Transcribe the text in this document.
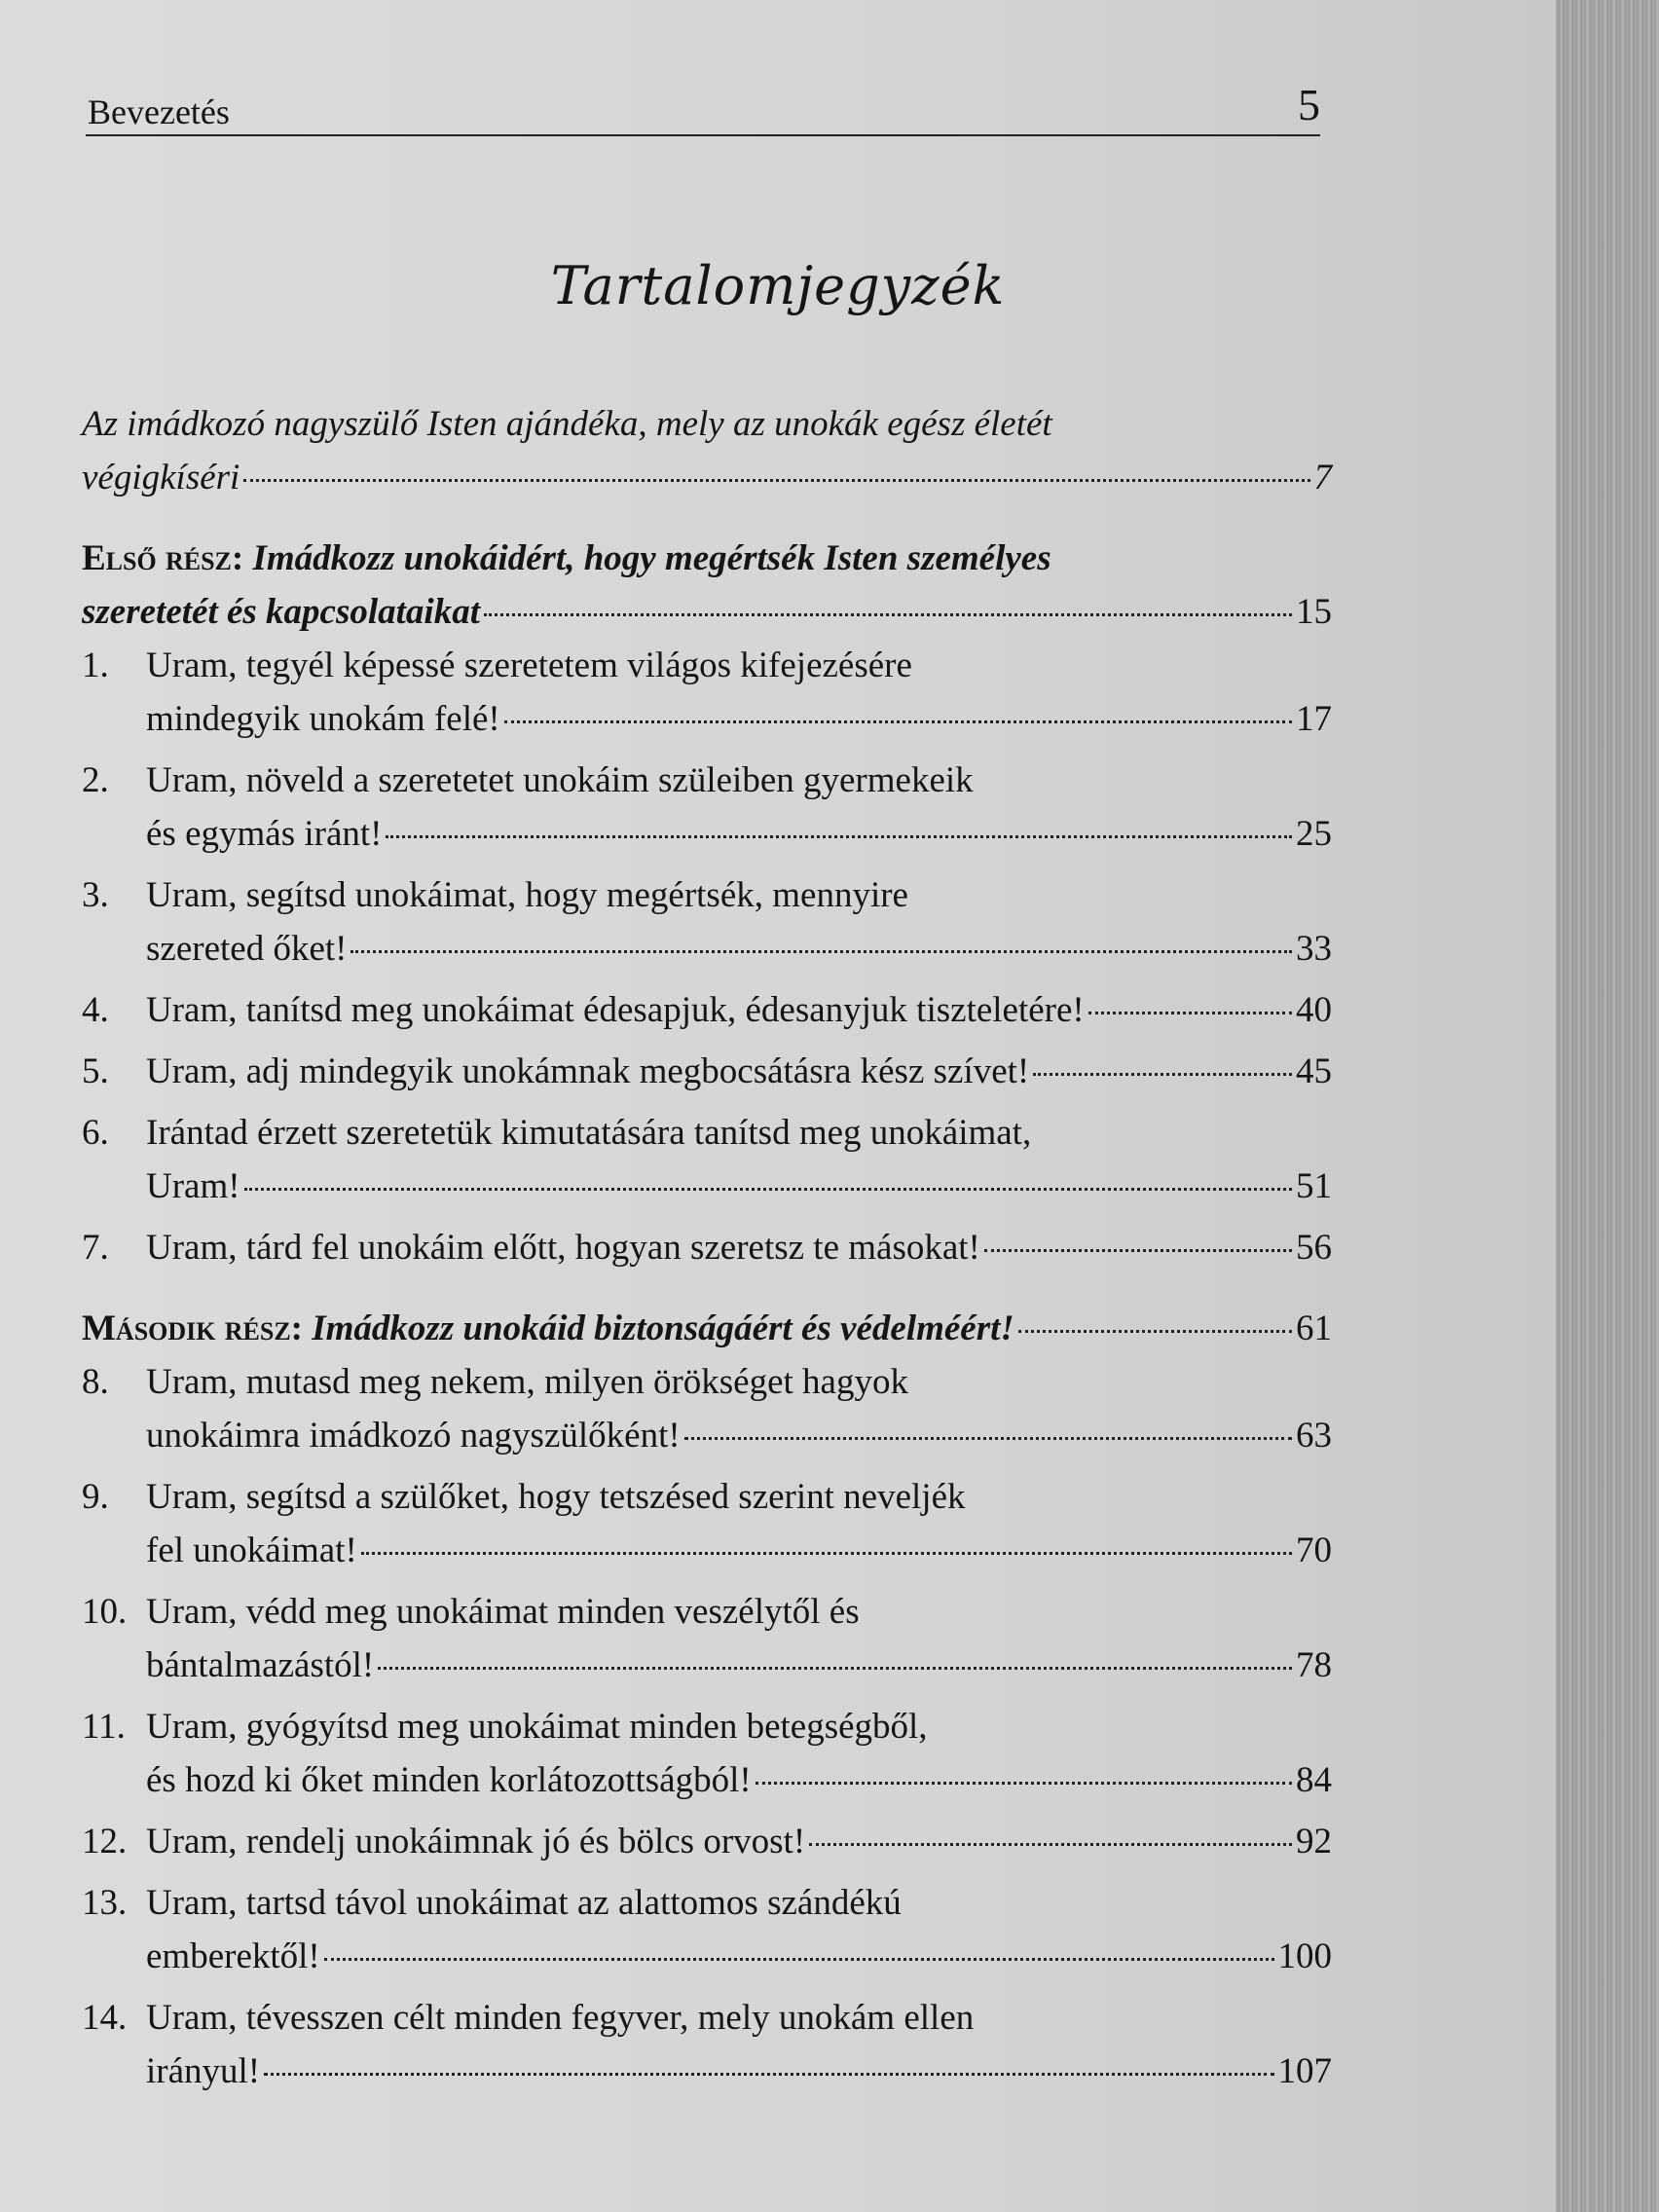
Bevezetés	5
Tartalomjegyzék
Az imádkozó nagyszülő Isten ajándéka, mely az unokák egész életét
végigkíséri	7
Első rész: Imádkozz unokáidért, hogy megértsék Isten személyes
szeretetét és kapcsolataikat	15
1.	Uram, tegyél képessé szeretetem világos kifejezésére
mindegyik unokám felé!	17
2.	Uram, növeld a szeretetet unokáim szüleiben gyermekeik
és egymás iránt!	25
3.	Uram, segítsd unokáimat, hogy megértsék, mennyire
szereted őket!	33
4.	Uram, tanítsd meg unokáimat édesapjuk, édesanyjuk tiszteletére!	40
5.	Uram, adj mindegyik unokámnak megbocsátásra kész szívet!	45
6.	Irántad érzett szeretetük kimutatására tanítsd meg unokáimat,
Uram!	51
7.	Uram, tárd fel unokáim előtt, hogyan szeretsz te másokat!	56
Második rész: Imádkozz unokáid biztonságáért és védelméért!	61
8.	Uram, mutasd meg nekem, milyen örökséget hagyok
unokáimra imádkozó nagyszülőként!	63
9.	Uram, segítsd a szülőket, hogy tetszésed szerint neveljék
fel unokáimat!	70
10. Uram, védd meg unokáimat minden veszélytől és
bántalmazástól!	78
11. Uram, gyógyítsd meg unokáimat minden betegségből,
és hozd ki őket minden korlátozottságból!	84
12. Uram, rendelj unokáimnak jó és bölcs orvost!	92
13. Uram, tartsd távol unokáimat az alattomos szándékú
emberektől!	100
14. Uram, tévesszen célt minden fegyver, mely unokám ellen
irányul!	107
